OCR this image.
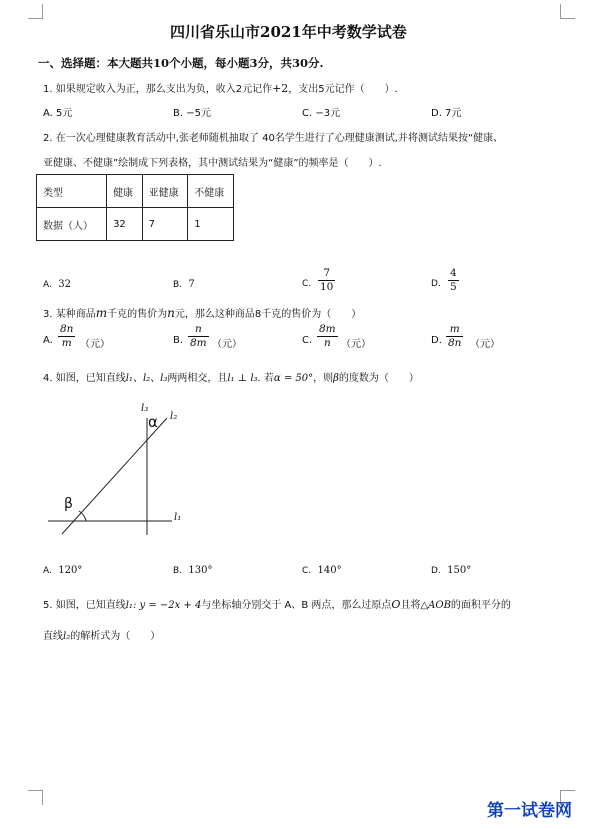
四川省乐山市2021年中考数学试卷
一、选择题：本大题共10个小题，每小题3分，共30分.
1. 如果规定收入为正，那么支出为负，收入2元记作+2，支出5元记作（　　）.
A. 5元	B. −5元	C. −3元	D. 7元
2. 在一次心理健康教育活动中,张老师随机抽取了 40名学生进行了心理健康测试,并将测试结果按“健康、
亚健康、不健康”绘制成下列表格，其中测试结果为“健康”的频率是（　　）.
类型	健康	亚健康	不健康
数据（人）	32	7	1
A. 32	B. 7	C. $\frac{7}{10}$	D. $\frac{4}{5}$
3. 某种商品m千克的售价为n元，那么这种商品8千克的售价为（　　）
A. $\frac{8n}{m}$ （元）	B. $\frac{n}{8m}$ （元）	C. $\frac{8m}{n}$ （元）	D. $\frac{m}{8n}$ （元）
4. 如图，已知直线l₁、l₂、l₃两两相交，且l₁ ⊥ l₃. 若α = 50°，则β的度数为（　　）
l₃
l₂
α
β
l₁
A. 120°	B. 130°	C. 140°	D. 150°
5. 如图，已知直线l₁: y = −2x + 4与坐标轴分别交于 A、B 两点，那么过原点O且将△AOB的面积平分的
直线l₂的解析式为（　　）
第一试卷网
